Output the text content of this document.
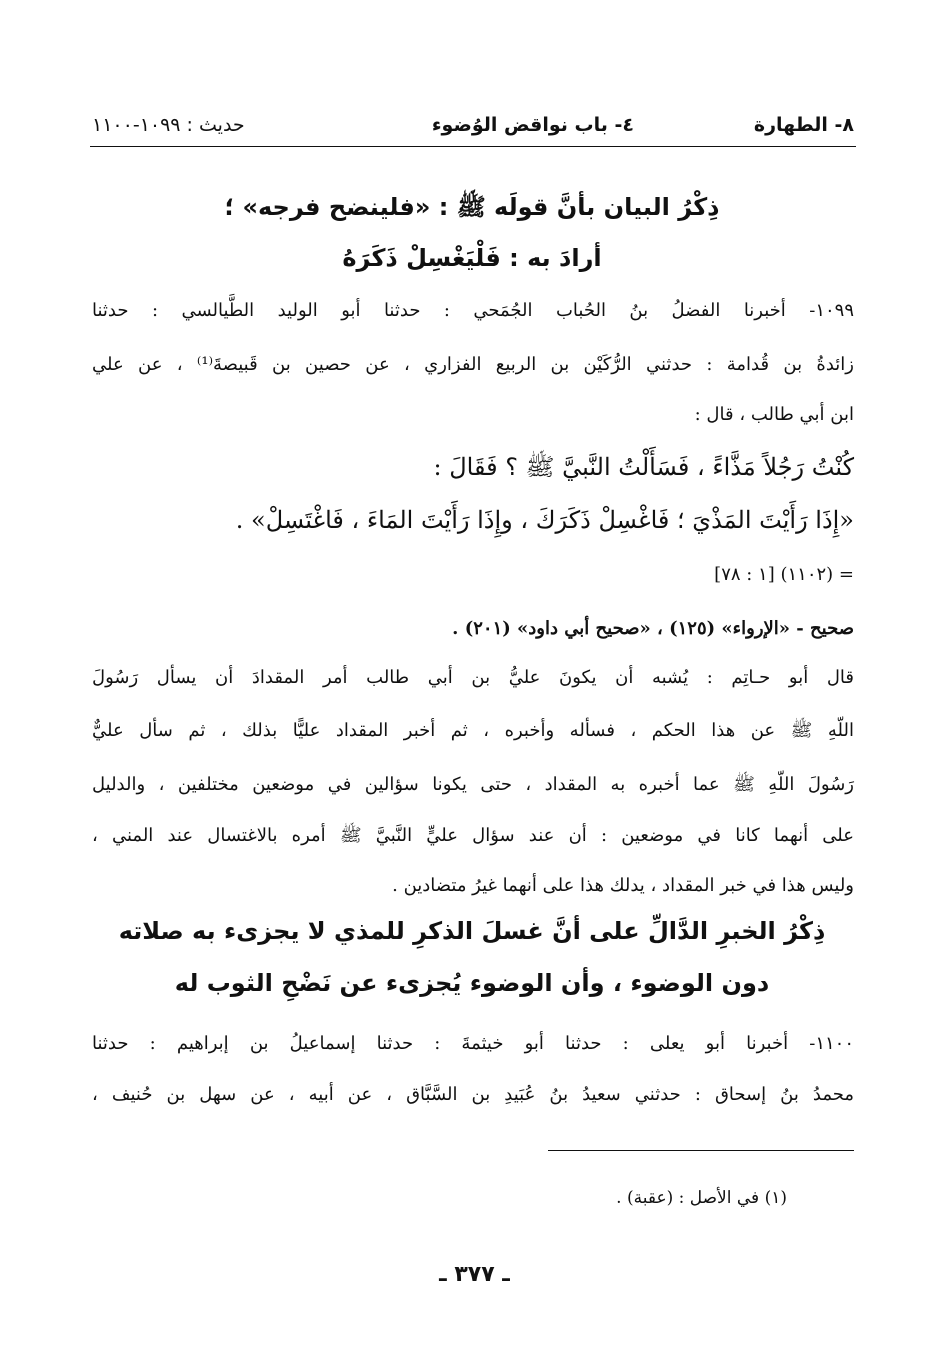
٨- الطهارة
٤- باب نواقض الوُضوء
حديث : ١٠٩٩-١١٠٠
ذِكْرُ البيان بأنَّ قولَه ﷺ : «فلينضح فرجه» ؛
أرادَ به : فَلْيَغْسِلْ ذَكَرَهُ
١٠٩٩- أخبرنا الفضلُ بنُ الحُباب الجُمَحي : حدثنا أبو الوليد الطَّيالسي : حدثنا
زائدةُ بن قُدامة : حدثني الرُّكَيْن بن الربيع الفزاري ، عن حصين بن قَبيصةَ⁽¹⁾ ، عن علي
ابن أبي طالب ، قال :
كُنْتُ رَجُلاً مَذَّاءً ، فَسَأَلْتُ النَّبيَّ ﷺ ؟ فَقَالَ :
«إِذَا رَأَيْتَ المَذْيَ ؛ فَاغْسِلْ ذَكَرَكَ ، وإِذَا رَأَيْتَ المَاءَ ، فَاغْتَسِلْ» .
= (١١٠٢) [١ : ٧٨]
صحيح - «الإرواء» (١٢٥) ، «صحيح أبي داود» (٢٠١) .
قال أبو حـاتِم : يُشبه أن يكونَ عليُّ بن أبي طالب أمر المقدادَ أن يسأل رَسُولَ
اللّهِ ﷺ عن هذا الحكم ، فسأله وأخبره ، ثم أخبر المقداد عليًّا بذلك ، ثم سأل عليٌّ
رَسُولَ اللّهِ ﷺ عما أخبره به المقداد ، حتى يكونا سؤالين في موضعين مختلفين ، والدليل
على أنهما كانا في موضعين : أن عند سؤال عليٍّ النَّبيَّ ﷺ أمره بالاغتسال عند المني ،
وليس هذا في خبر المقداد ، يدلك هذا على أنهما غيرُ متضادين .
ذِكْرُ الخبرِ الدَّالِّ على أنَّ غسلَ الذكرِ للمذي لا يجزىء به صلاته
دون الوضوء ، وأن الوضوء يُجزىء عن نَضْحِ الثوب له
١١٠٠- أخبرنا أبو يعلى : حدثنا أبو خيثمةَ : حدثنا إسماعيلُ بن إبراهيم : حدثنا
محمدُ بنُ إسحاق : حدثني سعيدُ بنُ عُبَيدِ بن السَّبَّاق ، عن أبيه ، عن سهل بن حُنيف ،
(١) في الأصل : (عقبة) .
ـ ٣٧٧ ـ
